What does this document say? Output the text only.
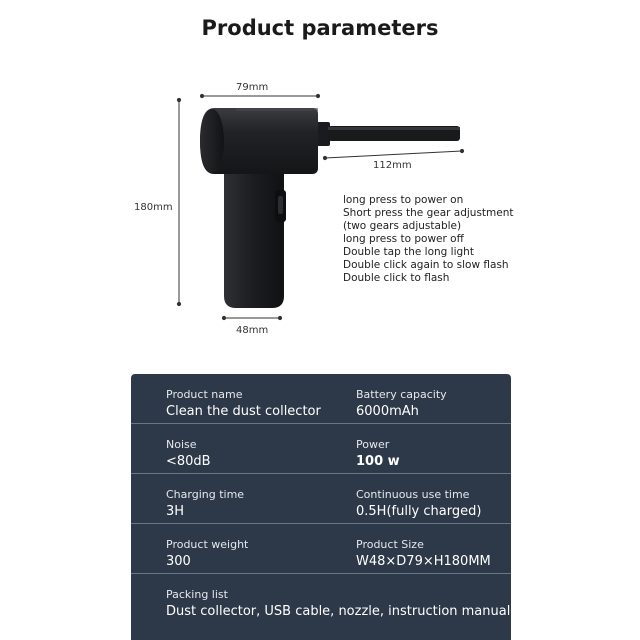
Product parameters
79mm
112mm
180mm
48mm
long press to power on
Short press the gear adjustment
(two gears adjustable)
long press to power off
Double tap the long light
Double click again to slow flash
Double click to flash
Product name
Clean the dust collector
Battery capacity
6000mAh
Noise
<80dB
Power
100 w
Charging time
3H
Continuous use time
0.5H(fully charged)
Product weight
300
Product Size
W48×D79×H180MM
Packing list
Dust collector, USB cable, nozzle, instruction manual
